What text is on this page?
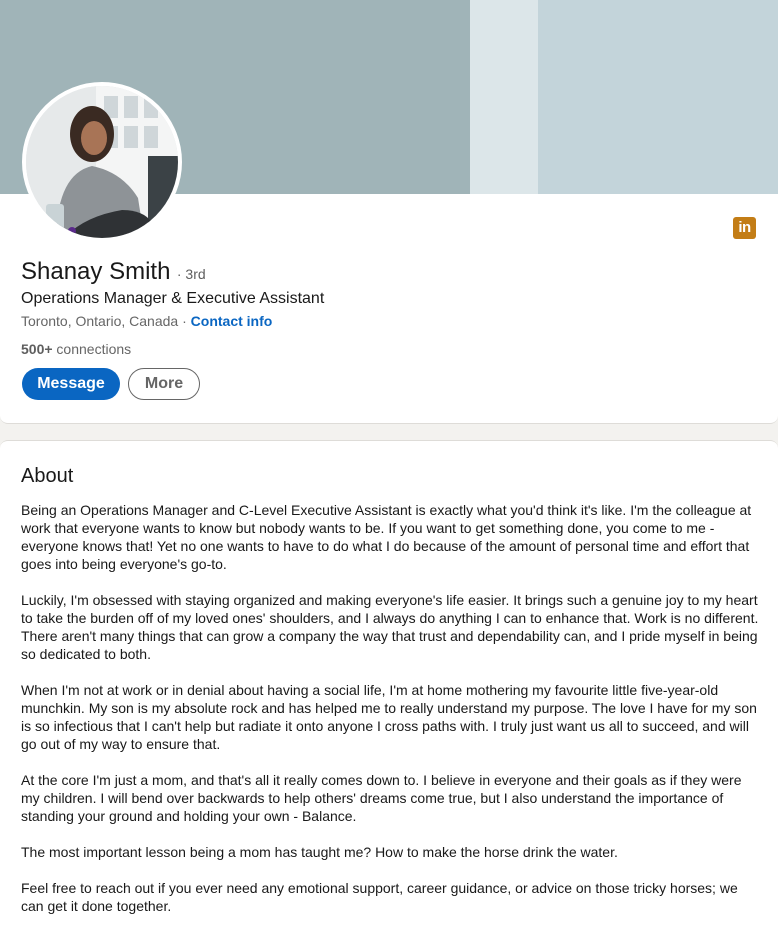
in
Shanay Smith · 3rd
Operations Manager & Executive Assistant
Toronto, Ontario, Canada · Contact info
500+ connections
Message	More
About

Being an Operations Manager and C-Level Executive Assistant is exactly what you'd think it's like. I'm the colleague at work that everyone wants to know but nobody wants to be. If you want to get something done, you come to me - everyone knows that! Yet no one wants to have to do what I do because of the amount of personal time and effort that goes into being everyone's go-to.

Luckily, I'm obsessed with staying organized and making everyone's life easier. It brings such a genuine joy to my heart to take the burden off of my loved ones' shoulders, and I always do anything I can to enhance that. Work is no different. There aren't many things that can grow a company the way that trust and dependability can, and I pride myself in being so dedicated to both.

When I'm not at work or in denial about having a social life, I'm at home mothering my favourite little five-year-old munchkin. My son is my absolute rock and has helped me to really understand my purpose. The love I have for my son is so infectious that I can't help but radiate it onto anyone I cross paths with. I truly just want us all to succeed, and will go out of my way to ensure that.

At the core I'm just a mom, and that's all it really comes down to. I believe in everyone and their goals as if they were my children. I will bend over backwards to help others' dreams come true, but I also understand the importance of standing your ground and holding your own - Balance.

The most important lesson being a mom has taught me? How to make the horse drink the water.

Feel free to reach out if you ever need any emotional support, career guidance, or advice on those tricky horses; we can get it done together.
